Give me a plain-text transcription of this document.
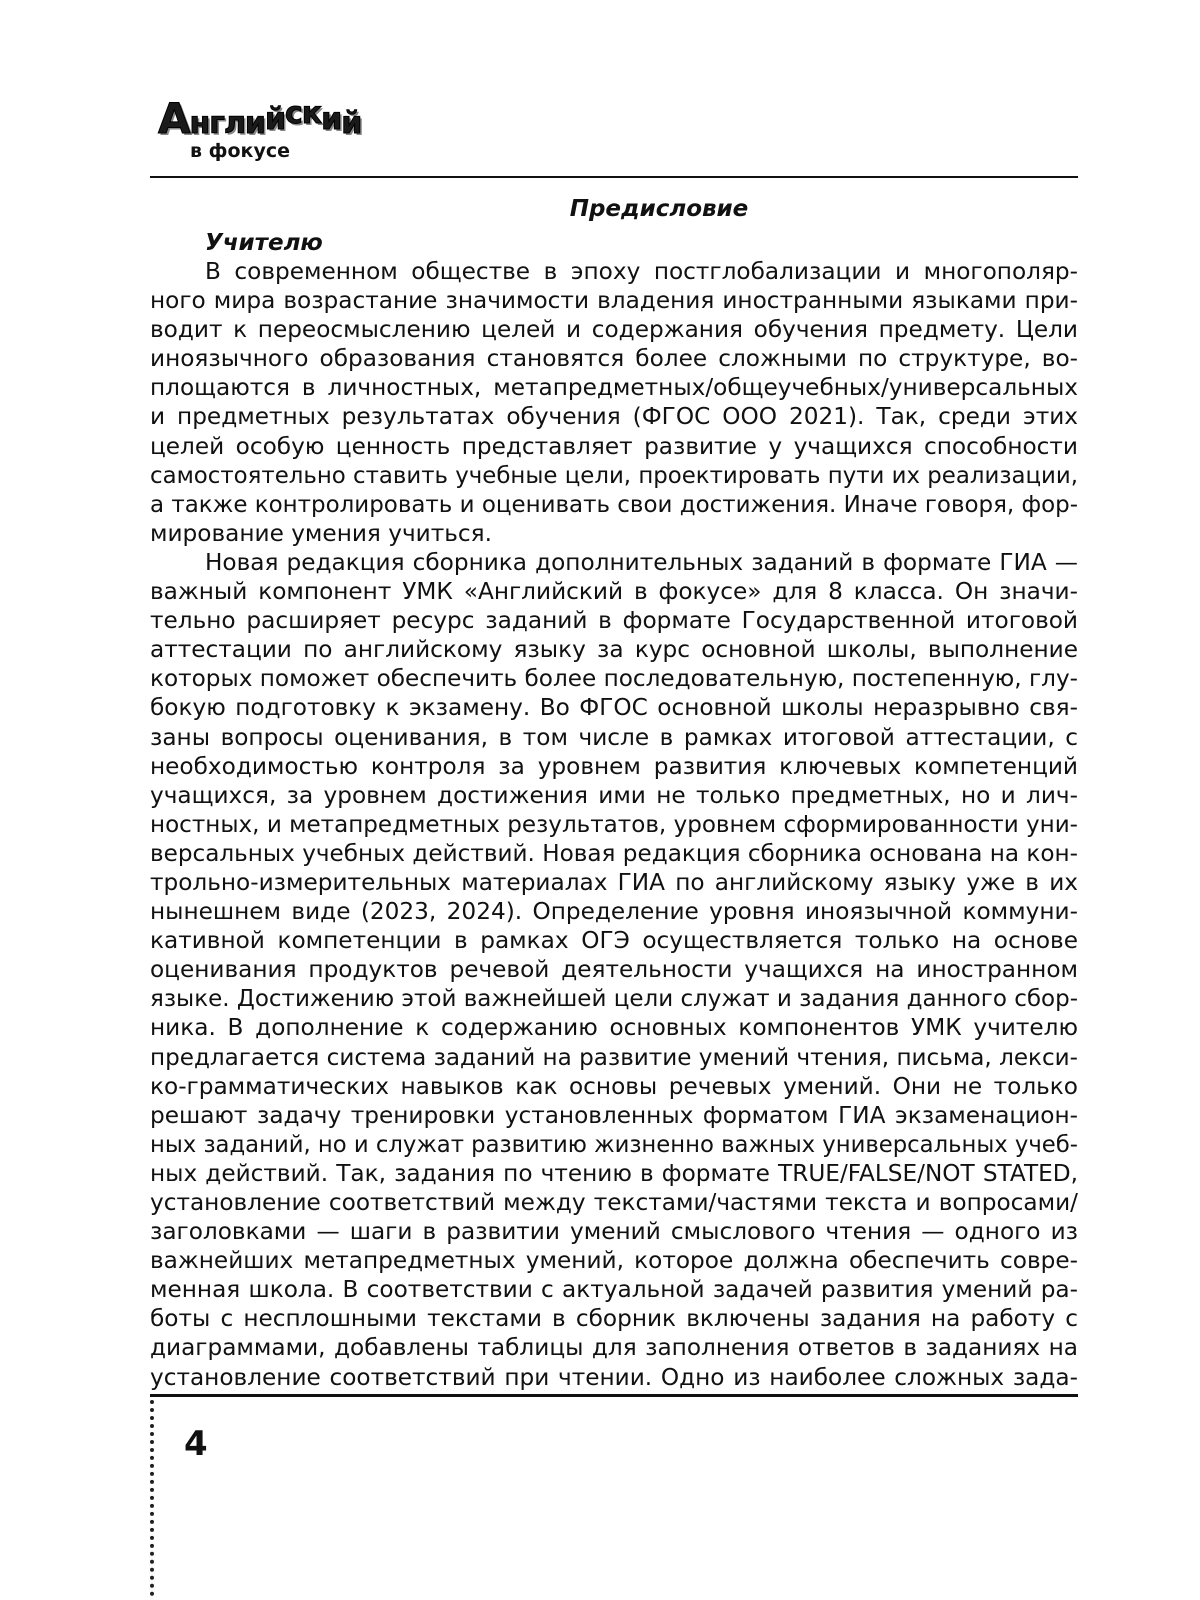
Английский
в фокусе
Предисловие
Учителю
В современном обществе в эпоху постглобализации и многополяр-
ного мира возрастание значимости владения иностранными языками при-
водит к переосмыслению целей и содержания обучения предмету. Цели
иноязычного образования становятся более сложными по структуре, во-
площаются в личностных, метапредметных/общеучебных/универсальных
и предметных результатах обучения (ФГОС ООО 2021). Так, среди этих
целей особую ценность представляет развитие у учащихся способности
самостоятельно ставить учебные цели, проектировать пути их реализации,
а также контролировать и оценивать свои достижения. Иначе говоря, фор-
мирование умения учиться.
Новая редакция сборника дополнительных заданий в формате ГИА —
важный компонент УМК «Английский в фокусе» для 8 класса. Он значи-
тельно расширяет ресурс заданий в формате Государственной итоговой
аттестации по английскому языку за курс основной школы, выполнение
которых поможет обеспечить более последовательную, постепенную, глу-
бокую подготовку к экзамену. Во ФГОС основной школы неразрывно свя-
заны вопросы оценивания, в том числе в рамках итоговой аттестации, с
необходимостью контроля за уровнем развития ключевых компетенций
учащихся, за уровнем достижения ими не только предметных, но и лич-
ностных, и метапредметных результатов, уровнем сформированности уни-
версальных учебных действий. Новая редакция сборника основана на кон-
трольно-измерительных материалах ГИА по английскому языку уже в их
нынешнем виде (2023, 2024). Определение уровня иноязычной коммуни-
кативной компетенции в рамках ОГЭ осуществляется только на основе
оценивания продуктов речевой деятельности учащихся на иностранном
языке. Достижению этой важнейшей цели служат и задания данного сбор-
ника. В дополнение к содержанию основных компонентов УМК учителю
предлагается система заданий на развитие умений чтения, письма, лекси-
ко-грамматических навыков как основы речевых умений. Они не только
решают задачу тренировки установленных форматом ГИА экзаменацион-
ных заданий, но и служат развитию жизненно важных универсальных учеб-
ных действий. Так, задания по чтению в формате TRUE/FALSE/NOT STATED,
установление соответствий между текстами/частями текста и вопросами/
заголовками — шаги в развитии умений смыслового чтения — одного из
важнейших метапредметных умений, которое должна обеспечить совре-
менная школа. В соответствии с актуальной задачей развития умений ра-
боты с несплошными текстами в сборник включены задания на работу с
диаграммами, добавлены таблицы для заполнения ответов в заданиях на
установление соответствий при чтении. Одно из наиболее сложных зада-
4
